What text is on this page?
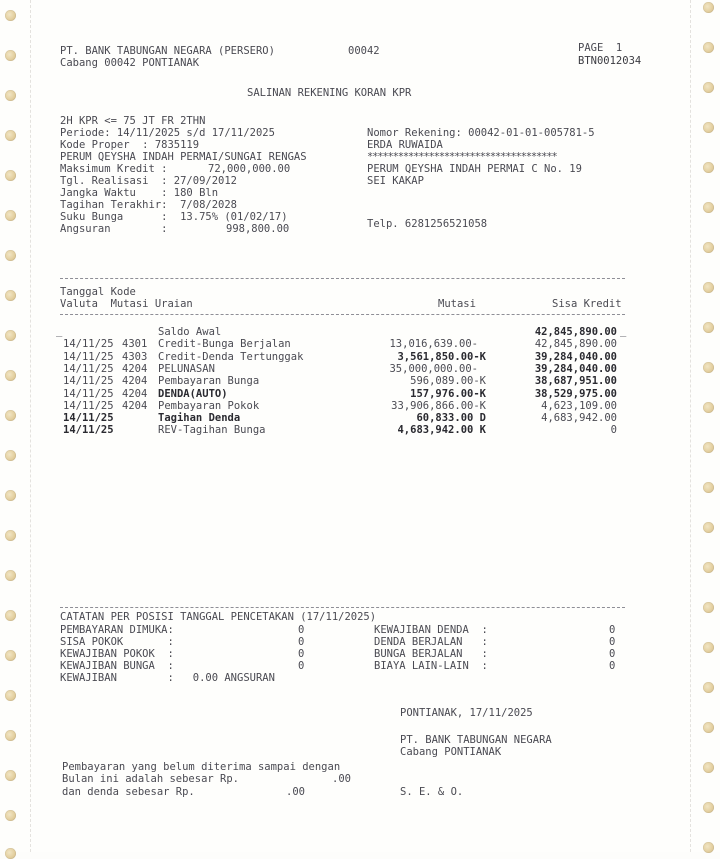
PT. BANK TABUNGAN NEGARA (PERSERO)
Cabang 00042 PONTIANAK
00042	PAGE  1
BTN0012034
SALINAN REKENING KORAN KPR
2H KPR <= 75 JT FR 2THN
Periode: 14/11/2025 s/d 17/11/2025
Kode Proper  : 7835119
PERUM QEYSHA INDAH PERMAI/SUNGAI RENGAS
Maksimum Kredit :	72,000,000.00
Tgl. Realisasi  : 27/09/2012
Jangka Waktu    : 180 Bln
Tagihan Terakhir:  7/08/2028
Suku Bunga      :  13.75% (01/02/17)
Angsuran        :	998,800.00
Nomor Rekening: 00042-01-01-005781-5
ERDA RUWAIDA
*************************************
PERUM QEYSHA INDAH PERMAI C No. 19
SEI KAKAP
Telp. 6281256521058
Tanggal Kode
Valuta  Mutasi Uraian	Mutasi	Sisa Kredit
_	_
Saldo Awal	42,845,890.00
14/11/25 4301 Credit-Bunga Berjalan	13,016,639.00-	42,845,890.00
14/11/25 4303 Credit-Denda Tertunggak	3,561,850.00-K	39,284,040.00
14/11/25 4204 PELUNASAN	35,000,000.00-	39,284,040.00
14/11/25 4204 Pembayaran Bunga	596,089.00-K	38,687,951.00
14/11/25 4204 DENDA(AUTO)	157,976.00-K	38,529,975.00
14/11/25 4204 Pembayaran Pokok	33,906,866.00-K	4,623,109.00
14/11/25	Tagihan Denda	60,833.00 D	4,683,942.00
14/11/25	REV-Tagihan Bunga	4,683,942.00 K	0
CATATAN PER POSISI TANGGAL PENCETAKAN (17/11/2025)
PEMBAYARAN DIMUKA:	0
SISA POKOK       :	0
KEWAJIBAN POKOK  :	0
KEWAJIBAN BUNGA  :	0
KEWAJIBAN        :   0.00 ANGSURAN
KEWAJIBAN DENDA  :	0
DENDA BERJALAN   :	0
BUNGA BERJALAN   :	0
BIAYA LAIN-LAIN  :	0
PONTIANAK, 17/11/2025
PT. BANK TABUNGAN NEGARA
Cabang PONTIANAK
S. E. & O.
Pembayaran yang belum diterima sampai dengan
Bulan ini adalah sebesar Rp.	.00
dan denda sebesar Rp.	.00
